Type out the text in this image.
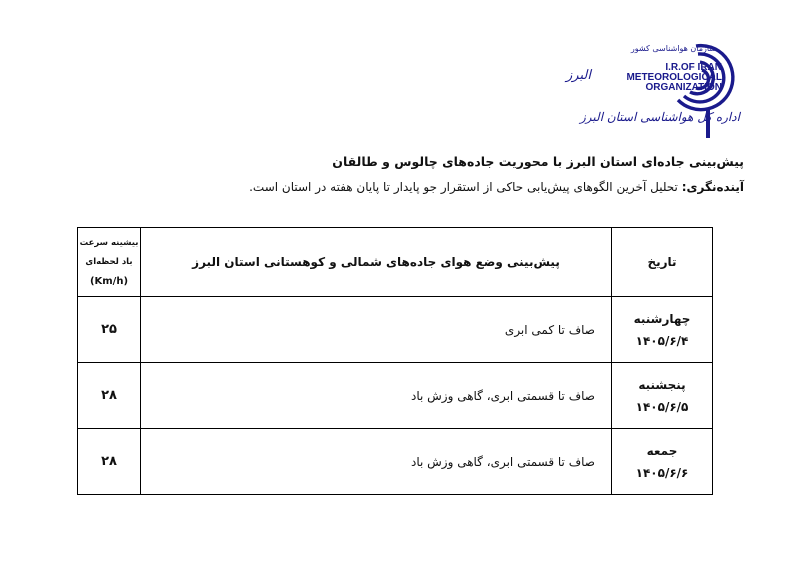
سازمان هواشناسی کشور
I.R.OF IRAN
METEOROLOGICAL
ORGANIZATION
البرز
اداره کل هواشناسی استان البرز
پیش‌بینی جاده‌ای استان البرز با محوریت جاده‌های چالوس و طالقان
آینده‌نگری: تحلیل آخرین الگوهای پیش‌یابی حاکی از استقرار جو پایدار تا پایان هفته در استان است.
تاریخ	پیش‌بینی وضع هوای جاده‌های شمالی و کوهستانی استان البرز	بیشینه سرعت
باد لحظه‌ای
(Km/h)

چهارشنبه
۱۴۰۵/۶/۴	صاف تا کمی ابری	۲۵

پنجشنبه
۱۴۰۵/۶/۵	صاف تا قسمتی ابری، گاهی وزش باد	۲۸

جمعه
۱۴۰۵/۶/۶	صاف تا قسمتی ابری، گاهی وزش باد	۲۸
